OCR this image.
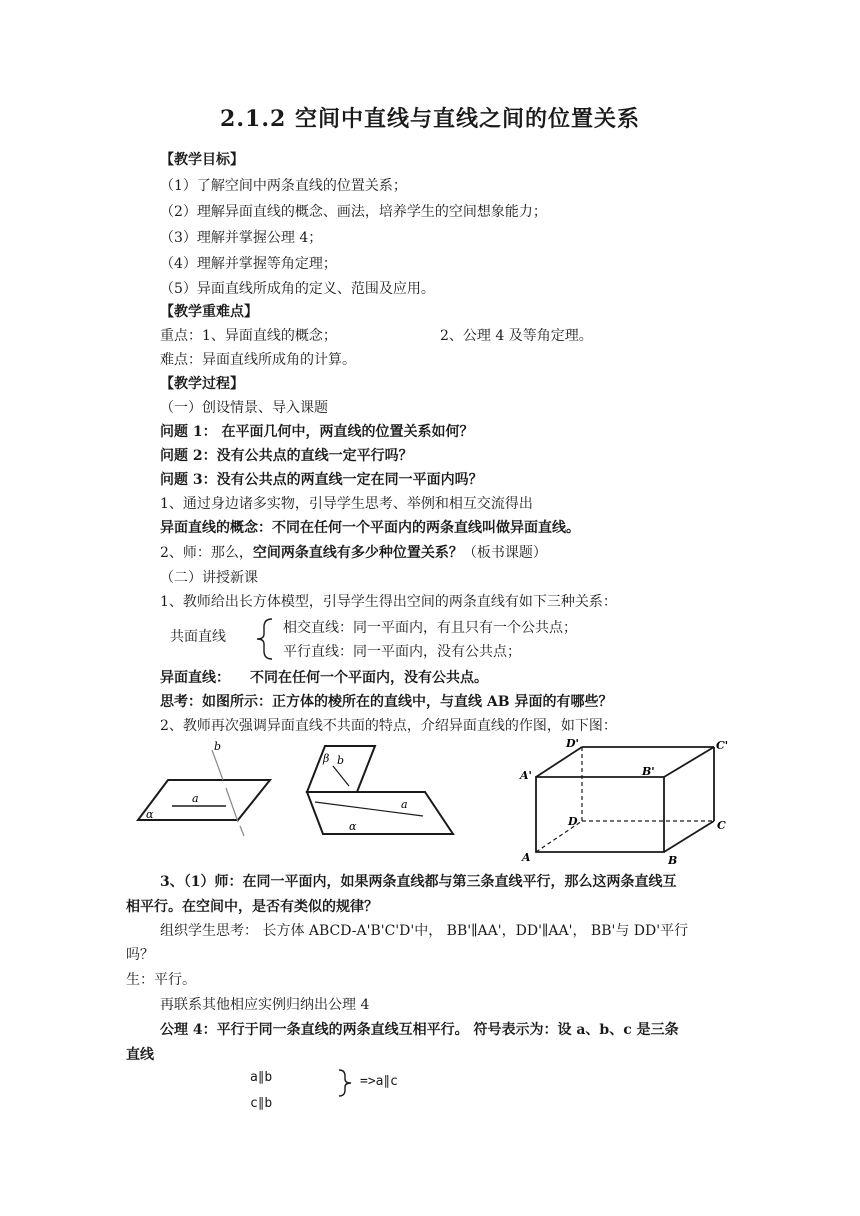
2.1.2 空间中直线与直线之间的位置关系
【教学目标】
（1）了解空间中两条直线的位置关系；
（2）理解异面直线的概念、画法，培养学生的空间想象能力；
（3）理解并掌握公理 4；
（4）理解并掌握等角定理；
（5）异面直线所成角的定义、范围及应用。
【教学重难点】
重点：1、异面直线的概念；	2、公理 4 及等角定理。
难点：异面直线所成角的计算。
【教学过程】
（一）创设情景、导入课题
问题 1： 在平面几何中，两直线的位置关系如何？
问题 2：没有公共点的直线一定平行吗？
问题 3：没有公共点的两直线一定在同一平面内吗？
1、通过身边诸多实物，引导学生思考、举例和相互交流得出
异面直线的概念：不同在任何一个平面内的两条直线叫做异面直线。
2、师：那么，空间两条直线有多少种位置关系？（板书课题）
（二）讲授新课
1、教师给出长方体模型，引导学生得出空间的两条直线有如下三种关系：
共面直线
相交直线：同一平面内，有且只有一个公共点；
平行直线：同一平面内，没有公共点；
异面直线： 不同在任何一个平面内，没有公共点。
思考：如图所示：正方体的棱所在的直线中，与直线 AB 异面的有哪些？
2、教师再次强调异面直线不共面的特点，介绍异面直线的作图，如下图：
b
a
α
β b
a
α
D'	C'
A'	B'
D	C
A	B
3、（1）师：在同一平面内，如果两条直线都与第三条直线平行，那么这两条直线互
相平行。在空间中，是否有类似的规律？
组织学生思考： 长方体 ABCD-A'B'C'D'中， BB'∥AA'，DD'∥AA'， BB'与 DD'平行
吗？
生：平行。
再联系其他相应实例归纳出公理 4
公理 4：平行于同一条直线的两条直线互相平行。 符号表示为：设 a、b、c 是三条
直线
a∥b
c∥b
=>a∥c
